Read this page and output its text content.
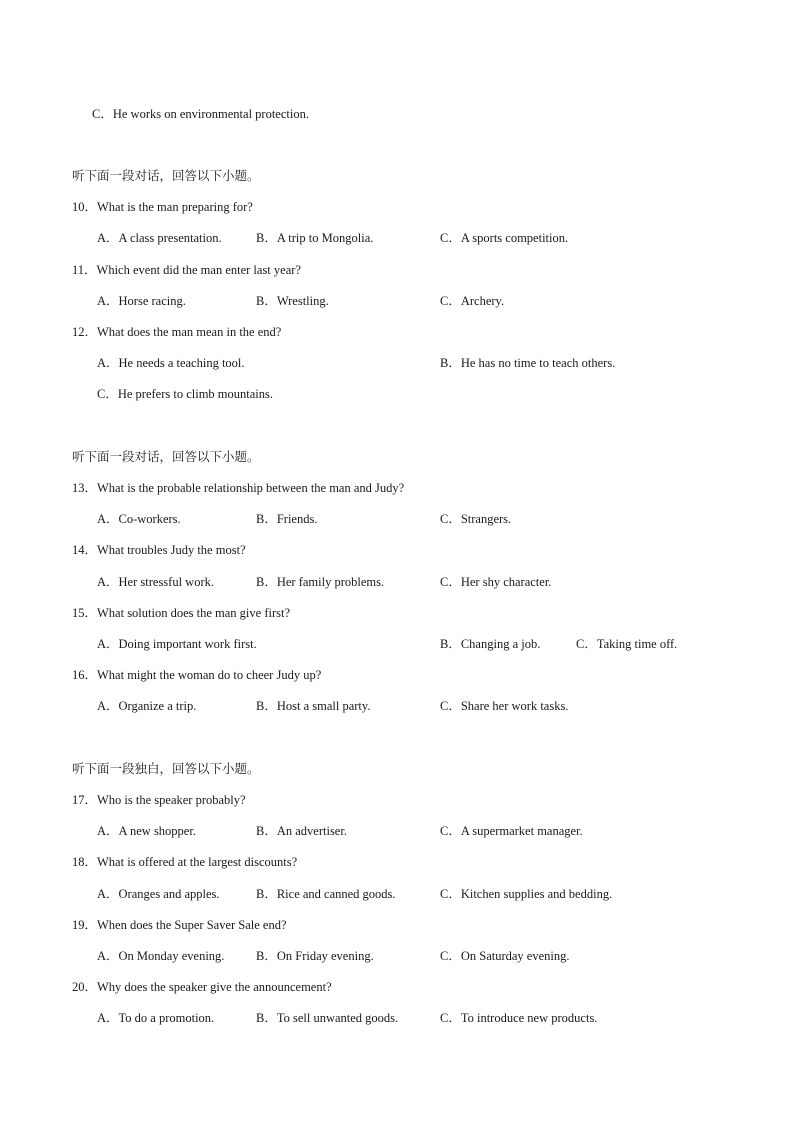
C．He works on environmental protection.
听下面一段对话，回答以下小题。
10．What is the man preparing for?
A．A class presentation.	B．A trip to Mongolia.	C．A sports competition.
11．Which event did the man enter last year?
A．Horse racing.	B．Wrestling.	C．Archery.
12．What does the man mean in the end?
A．He needs a teaching tool.	B．He has no time to teach others.
C．He prefers to climb mountains.
听下面一段对话，回答以下小题。
13．What is the probable relationship between the man and Judy?
A．Co-workers.	B．Friends.	C．Strangers.
14．What troubles Judy the most?
A．Her stressful work.	B．Her family problems.	C．Her shy character.
15．What solution does the man give first?
A．Doing important work first.	B．Changing a job.	C．Taking time off.
16．What might the woman do to cheer Judy up?
A．Organize a trip.	B．Host a small party.	C．Share her work tasks.
听下面一段独白，回答以下小题。
17．Who is the speaker probably?
A．A new shopper.	B．An advertiser.	C．A supermarket manager.
18．What is offered at the largest discounts?
A．Oranges and apples.	B．Rice and canned goods.	C．Kitchen supplies and bedding.
19．When does the Super Saver Sale end?
A．On Monday evening.	B．On Friday evening.	C．On Saturday evening.
20．Why does the speaker give the announcement?
A．To do a promotion.	B．To sell unwanted goods.	C．To introduce new products.
